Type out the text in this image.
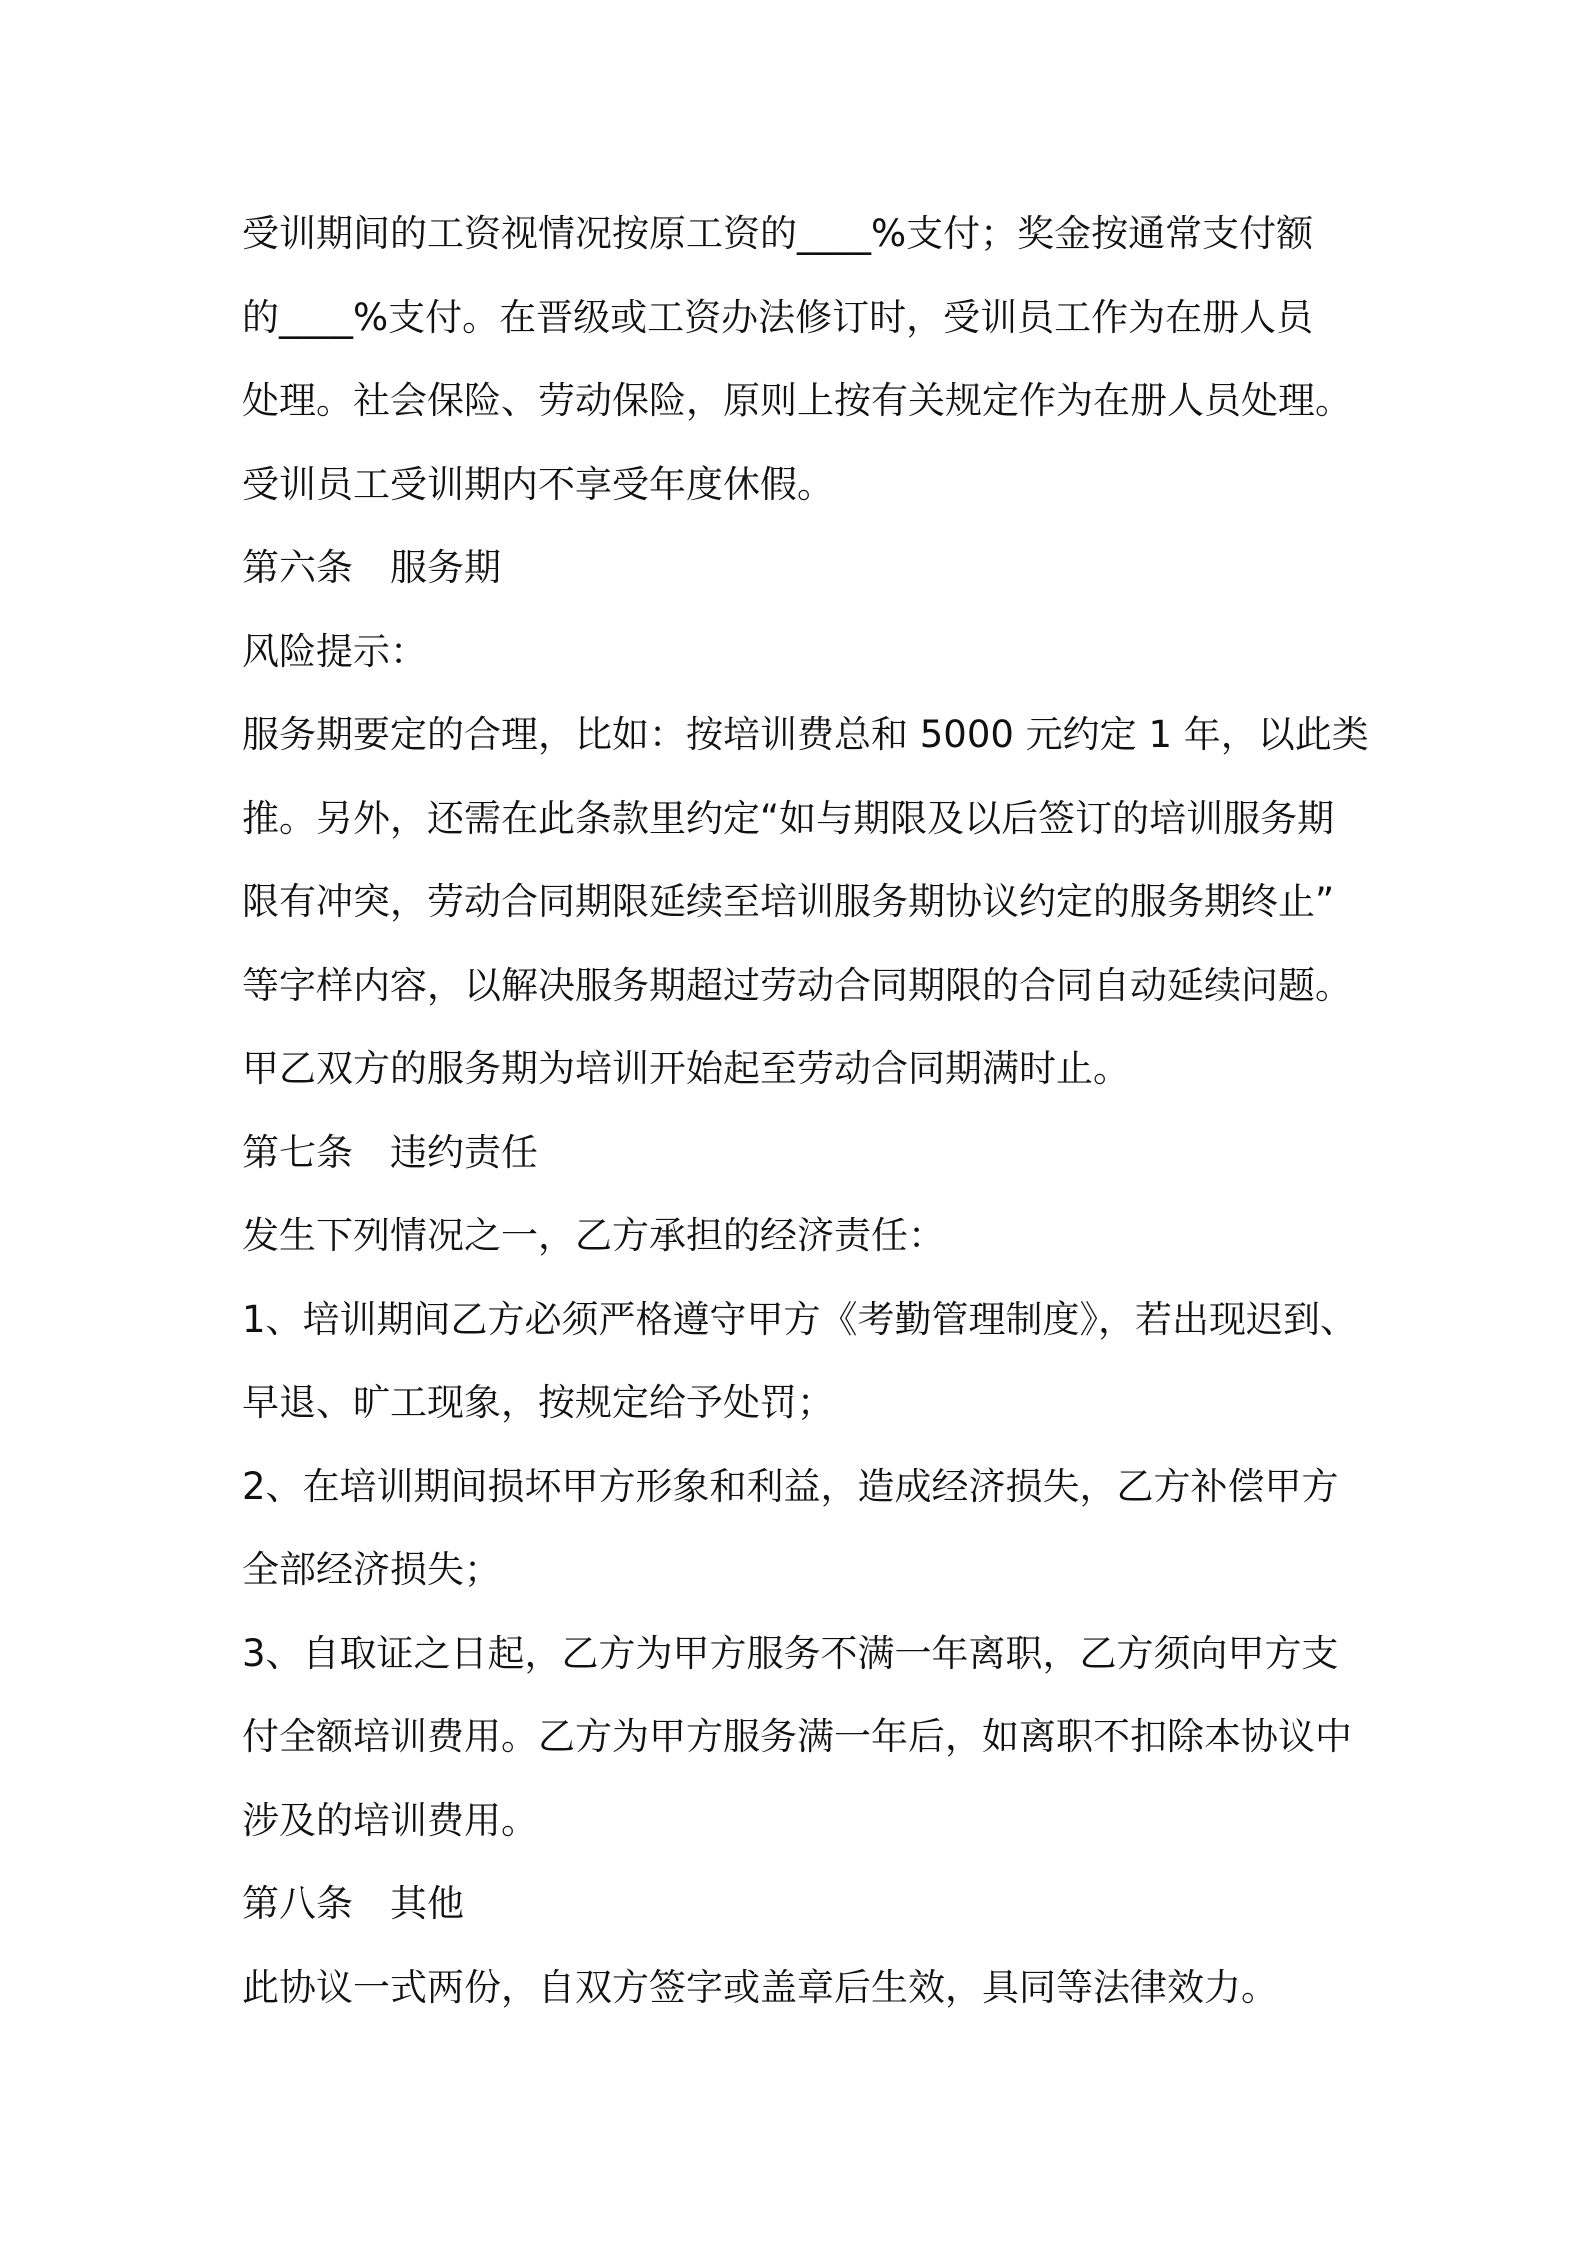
受训期间的工资视情况按原工资的____%支付；奖金按通常支付额
的____%支付。在晋级或工资办法修订时，受训员工作为在册人员
处理。社会保险、劳动保险，原则上按有关规定作为在册人员处理。
受训员工受训期内不享受年度休假。
第六条　服务期
风险提示：
服务期要定的合理，比如：按培训费总和 5000 元约定 1 年，以此类
推。另外，还需在此条款里约定“如与期限及以后签订的培训服务期
限有冲突，劳动合同期限延续至培训服务期协议约定的服务期终止”
等字样内容，以解决服务期超过劳动合同期限的合同自动延续问题。
甲乙双方的服务期为培训开始起至劳动合同期满时止。
第七条　违约责任
发生下列情况之一，乙方承担的经济责任：
1、培训期间乙方必须严格遵守甲方《考勤管理制度》，若出现迟到、
早退、旷工现象，按规定给予处罚；
2、在培训期间损坏甲方形象和利益，造成经济损失，乙方补偿甲方
全部经济损失；
3、自取证之日起，乙方为甲方服务不满一年离职，乙方须向甲方支
付全额培训费用。乙方为甲方服务满一年后，如离职不扣除本协议中
涉及的培训费用。
第八条　其他
此协议一式两份，自双方签字或盖章后生效，具同等法律效力。
